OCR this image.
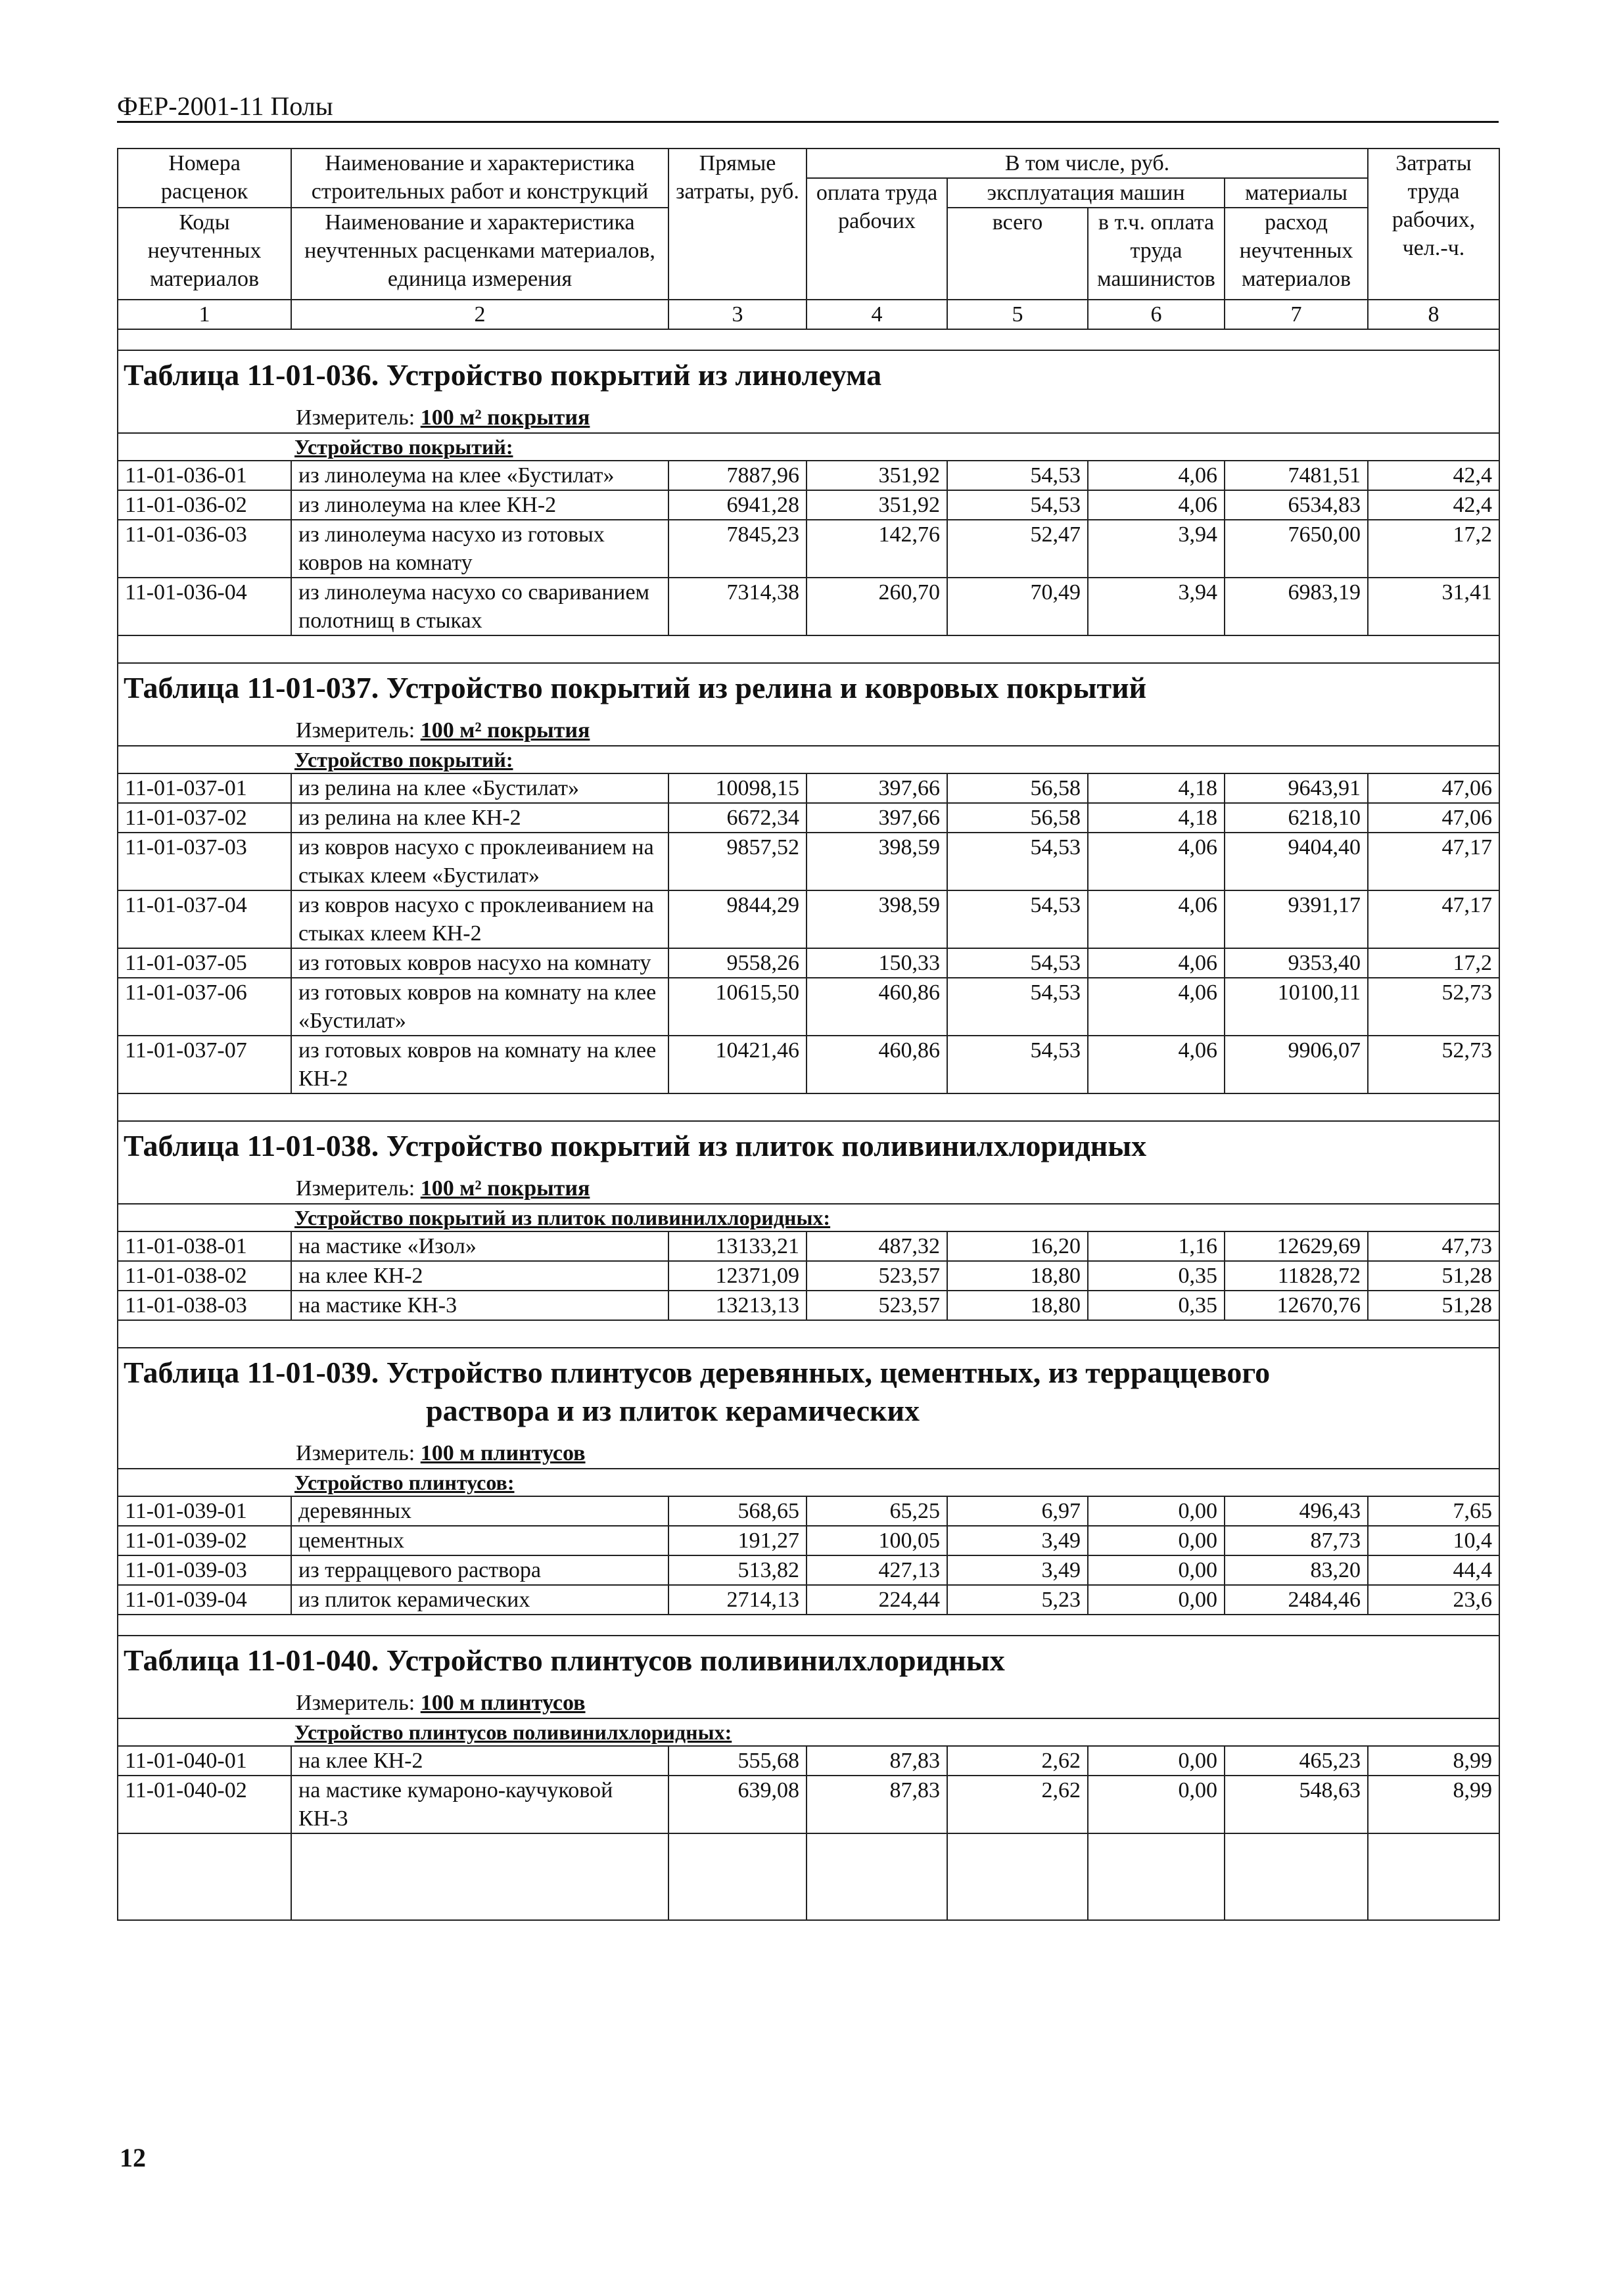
ФЕР-2001-11 Полы
Номера расценок	Наименование и характеристика строительных работ и конструкций	Прямые затраты, руб.	В том числе, руб.				Затраты труда рабочих, чел.-ч.
			оплата труда рабочих	эксплуатация машин		материалы	
Коды неучтенных материалов	Наименование и характеристика неучтенных расценками материалов, единица измерения			всего	в т.ч. оплата труда машинистов	расход неучтенных материалов	

1	2	3	4	5	6	7	8

Таблица 11-01-036. Устройство покрытий из линолеума							
Измеритель: 100 м² покрытия							
Устройство покрытий:							
11-01-036-01	из линолеума на клее «Бустилат»	7887,96	351,92	54,53	4,06	7481,51	42,4
11-01-036-02	из линолеума на клее КН-2	6941,28	351,92	54,53	4,06	6534,83	42,4
11-01-036-03	из линолеума насухо из готовых ковров на комнату	7845,23	142,76	52,47	3,94	7650,00	17,2
11-01-036-04	из линолеума насухо со свариванием полотнищ в стыках	7314,38	260,70	70,49	3,94	6983,19	31,41

Таблица 11-01-037. Устройство покрытий из релина и ковровых покрытий							
Измеритель: 100 м² покрытия							
Устройство покрытий:							
11-01-037-01	из релина на клее «Бустилат»	10098,15	397,66	56,58	4,18	9643,91	47,06
11-01-037-02	из релина на клее КН-2	6672,34	397,66	56,58	4,18	6218,10	47,06
11-01-037-03	из ковров насухо с проклеиванием на стыках клеем «Бустилат»	9857,52	398,59	54,53	4,06	9404,40	47,17
11-01-037-04	из ковров насухо с проклеиванием на стыках клеем КН-2	9844,29	398,59	54,53	4,06	9391,17	47,17
11-01-037-05	из готовых ковров насухо на комнату	9558,26	150,33	54,53	4,06	9353,40	17,2
11-01-037-06	из готовых ковров на комнату на клее «Бустилат»	10615,50	460,86	54,53	4,06	10100,11	52,73
11-01-037-07	из готовых ковров на комнату на клее КН-2	10421,46	460,86	54,53	4,06	9906,07	52,73

Таблица 11-01-038. Устройство покрытий из плиток поливинилхлоридных							
Измеритель: 100 м² покрытия							
Устройство покрытий из плиток поливинилхлоридных:							
11-01-038-01	на мастике «Изол»	13133,21	487,32	16,20	1,16	12629,69	47,73
11-01-038-02	на клее КН-2	12371,09	523,57	18,80	0,35	11828,72	51,28
11-01-038-03	на мастике КН-3	13213,13	523,57	18,80	0,35	12670,76	51,28

Таблица 11-01-039. Устройство плинтусов деревянных, цементных, из терраццевого
раствора и из плиток керамических							

Измеритель: 100 м плинтусов							
Устройство плинтусов:							
11-01-039-01	деревянных	568,65	65,25	6,97	0,00	496,43	7,65
11-01-039-02	цементных	191,27	100,05	3,49	0,00	87,73	10,4
11-01-039-03	из терраццевого раствора	513,82	427,13	3,49	0,00	83,20	44,4
11-01-039-04	из плиток керамических	2714,13	224,44	5,23	0,00	2484,46	23,6

Таблица 11-01-040. Устройство плинтусов поливинилхлоридных							
Измеритель: 100 м плинтусов							
Устройство плинтусов поливинилхлоридных:							
11-01-040-01	на клее КН-2	555,68	87,83	2,62	0,00	465,23	8,99
11-01-040-02	на мастике кумароно-каучуковой КН-3	639,08	87,83	2,62	0,00	548,63	8,99

12
